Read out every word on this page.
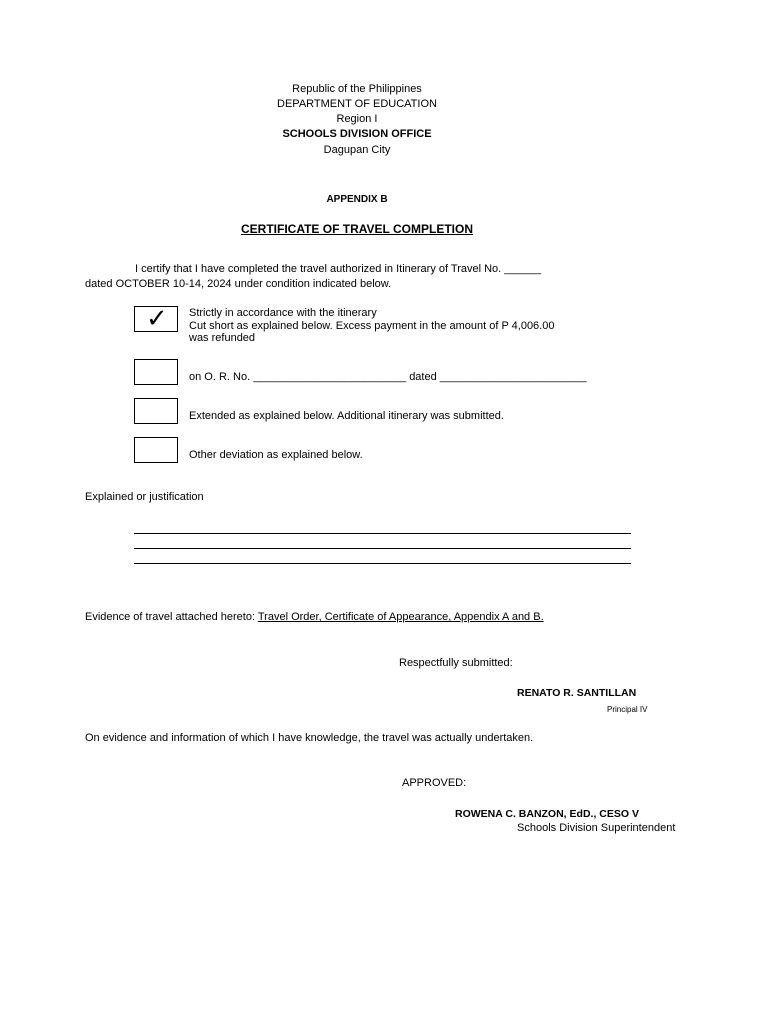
Republic of the Philippines
DEPARTMENT OF EDUCATION
Region I
SCHOOLS DIVISION OFFICE
Dagupan City
APPENDIX B
CERTIFICATE OF TRAVEL COMPLETION
I certify that I have completed the travel authorized in Itinerary of Travel No. ______
dated OCTOBER 10-14, 2024 under condition indicated below.
✓ Strictly in accordance with the itinerary
Cut short as explained below. Excess payment in the amount of P 4,006.00
was refunded
on O. R. No. _________________________ dated ________________________
Extended as explained below. Additional itinerary was submitted.
Other deviation as explained below.
Explained or justification
Evidence of travel attached hereto: Travel Order, Certificate of Appearance, Appendix A and B.
Respectfully submitted:
RENATO R. SANTILLAN
Principal IV
On evidence and information of which I have knowledge, the travel was actually undertaken.
APPROVED:
ROWENA C. BANZON, EdD., CESO V
Schools Division Superintendent
